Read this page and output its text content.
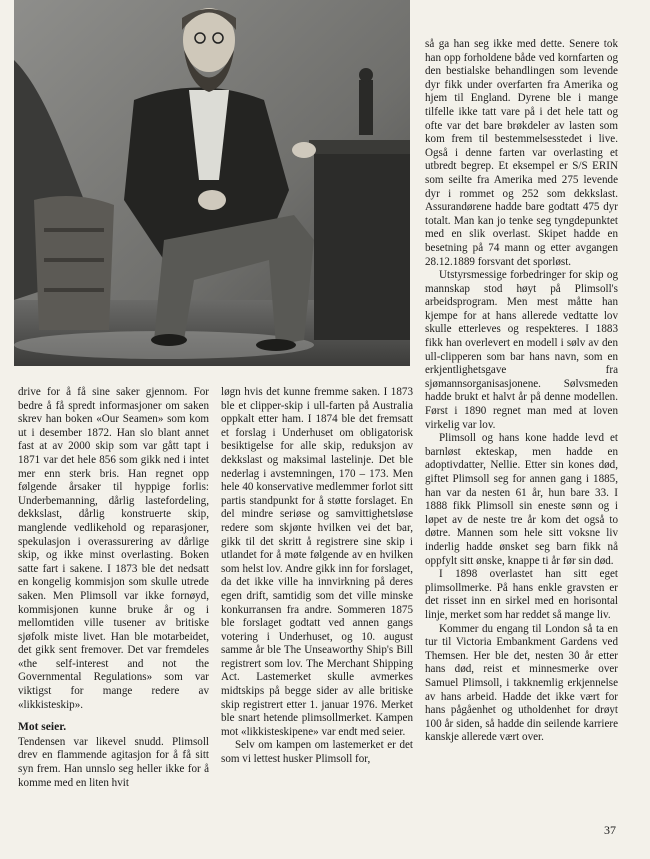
drive for å få sine saker gjennom. For bedre å få spredt informasjoner om saken skrev han boken «Our Seamen» som kom ut i desember 1872. Han slo blant annet fast at av 2000 skip som var gått tapt i 1871 var det hele 856 som gikk ned i intet mer enn sterk bris. Han regnet opp følgende årsaker til hyppige forlis: Underbemanning, dårlig lastefordeling, dekkslast, dårlig konstruerte skip, manglende vedlikehold og reparasjoner, spekulasjon i overassurering av dårlige skip, og ikke minst overlasting. Boken satte fart i sakene. I 1873 ble det nedsatt en kongelig kommisjon som skulle utrede saken. Men Plimsoll var ikke fornøyd, kommisjonen kunne bruke år og i mellomtiden ville tusener av britiske sjøfolk miste livet. Han ble motarbeidet, det gikk sent fremover. Det var fremdeles «the self-interest and not the Governmental Regulations» som var viktigst for mange redere av «likkisteskip».

Mot seier.

Tendensen var likevel snudd. Plimsoll drev en flammende agitasjon for å få sitt syn frem. Han unnslo seg heller ikke for å komme med en liten hvit

løgn hvis det kunne fremme saken. I 1873 ble et clipper-skip i ull-farten på Australia oppkalt etter ham. I 1874 ble det fremsatt et forslag i Underhuset om obligatorisk besiktigelse for alle skip, reduksjon av dekkslast og maksimal lastelinje. Det ble nederlag i avstemningen, 170 – 173. Men hele 40 konservative medlemmer forlot sitt partis standpunkt for å støtte forslaget. En del mindre seriøse og samvittighetsløse redere som skjønte hvilken vei det bar, gikk til det skritt å registrere sine skip i utlandet for å møte følgende av en hvilken som helst lov. Andre gikk inn for forslaget, da det ikke ville ha innvirkning på deres egen drift, samtidig som det ville minske konkurransen fra andre. Sommeren 1875 ble forslaget godtatt ved annen gangs votering i Underhuset, og 10. august samme år ble The Unseaworthy Ship's Bill registrert som lov. The Merchant Shipping Act. Lastemerket skulle avmerkes midtskips på begge sider av alle britiske skip registrert etter 1. januar 1976. Merket ble snart hetende plimsollmerket. Kampen mot «likkisteskipene» var endt med seier.

Selv om kampen om lastemerket er det som vi lettest husker Plimsoll for,

så ga han seg ikke med dette. Senere tok han opp forholdene både ved kornfarten og den bestialske behandlingen som levende dyr fikk under overfarten fra Amerika og hjem til England. Dyrene ble i mange tilfelle ikke tatt vare på i det hele tatt og ofte var det bare brøkdeler av lasten som kom frem til bestemmelsesstedet i live. Også i denne farten var overlasting et utbredt begrep. Et eksempel er S/S ERIN som seilte fra Amerika med 275 levende dyr i rommet og 252 som dekkslast. Assurandørene hadde bare godtatt 475 dyr totalt. Man kan jo tenke seg tyngdepunktet med en slik overlast. Skipet hadde en besetning på 74 mann og etter avgangen 28.12.1889 forsvant det sporløst.

Utstyrsmessige forbedringer for skip og mannskap stod høyt på Plimsoll's arbeidsprogram. Men mest måtte han kjempe for at hans allerede vedtatte lov skulle etterleves og respekteres. I 1883 fikk han overlevert en modell i sølv av den ull-clipperen som bar hans navn, som en erkjentlighetsgave fra sjømannsorganisasjonene. Sølvsmeden hadde brukt et halvt år på denne modellen. Først i 1890 regnet man med at loven virkelig var lov.

Plimsoll og hans kone hadde levd et barnløst ekteskap, men hadde en adoptivdatter, Nellie. Etter sin kones død, giftet Plimsoll seg for annen gang i 1885, han var da nesten 61 år, hun bare 33. I 1888 fikk Plimsoll sin eneste sønn og i løpet av de neste tre år kom det også to døtre. Mannen som hele sitt voksne liv inderlig hadde ønsket seg barn fikk nå oppfylt sitt ønske, knappe ti år før sin død.

I 1898 overlastet han sitt eget plimsollmerke. På hans enkle gravsten er det risset inn en sirkel med en horisontal linje, merket som har reddet så mange liv.

Kommer du engang til London så ta en tur til Victoria Embankment Gardens ved Themsen. Her ble det, nesten 30 år etter hans død, reist et minnesmerke over Samuel Plimsoll, i takknemlig erkjennelse av hans arbeid. Hadde det ikke vært for hans pågåenhet og utholdenhet for drøyt 100 år siden, så hadde din seilende karriere kanskje allerede vært over.

37
